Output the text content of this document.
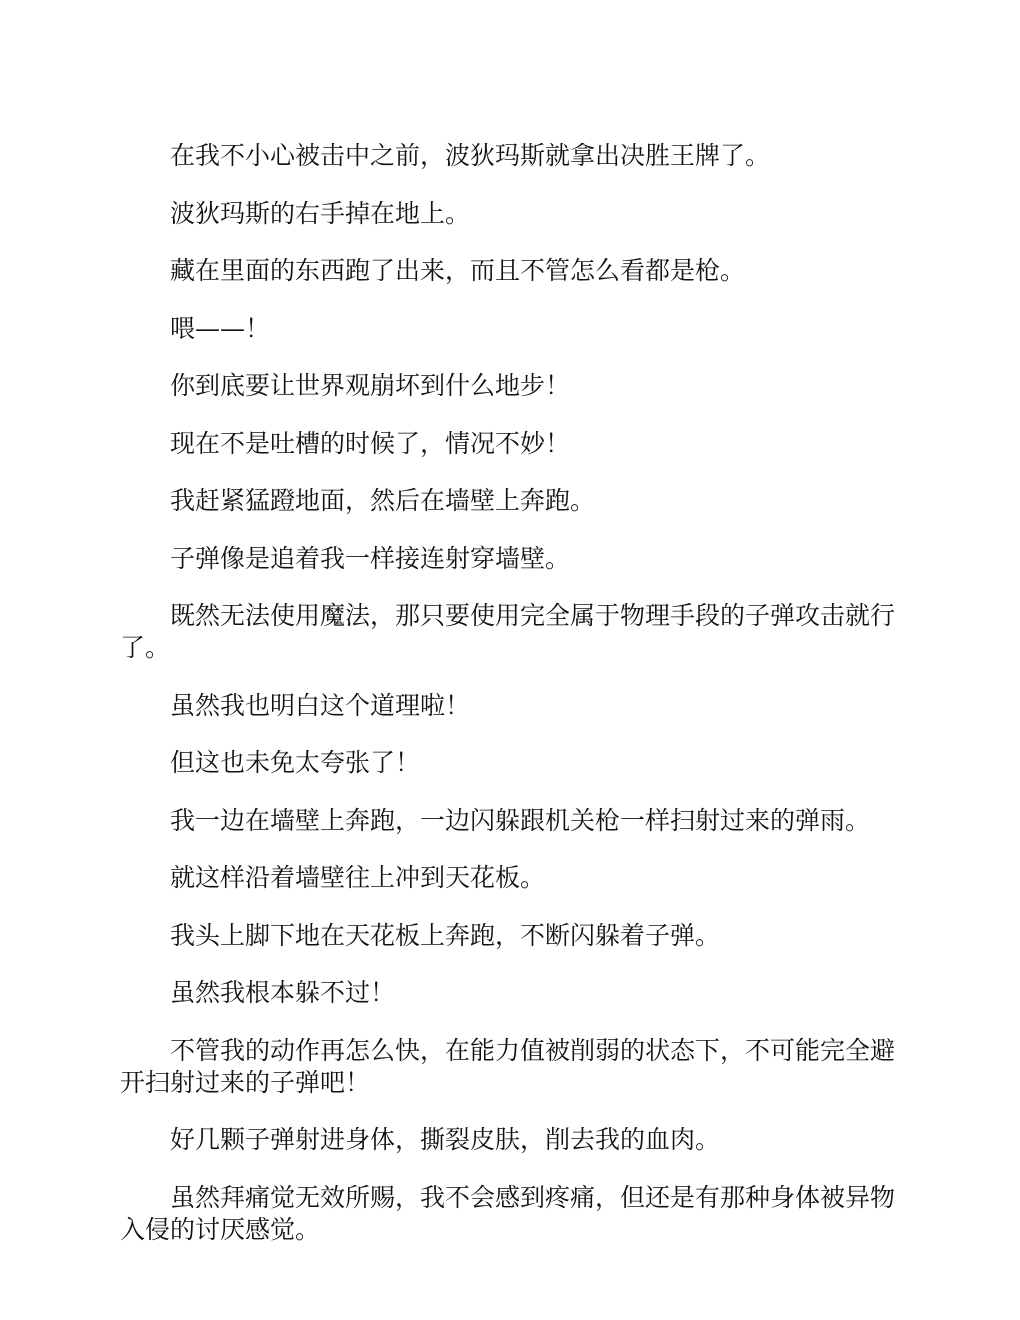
在我不小心被击中之前，波狄玛斯就拿出决胜王牌了。

波狄玛斯的右手掉在地上。

藏在里面的东西跑了出来，而且不管怎么看都是枪。

喂——！

你到底要让世界观崩坏到什么地步！

现在不是吐槽的时候了，情况不妙！

我赶紧猛蹬地面，然后在墙壁上奔跑。

子弹像是追着我一样接连射穿墙壁。

既然无法使用魔法，那只要使用完全属于物理手段的子弹攻击就行了。

虽然我也明白这个道理啦！

但这也未免太夸张了！

我一边在墙壁上奔跑，一边闪躲跟机关枪一样扫射过来的弹雨。

就这样沿着墙壁往上冲到天花板。

我头上脚下地在天花板上奔跑，不断闪躲着子弹。

虽然我根本躲不过！

不管我的动作再怎么快，在能力值被削弱的状态下，不可能完全避开扫射过来的子弹吧！

好几颗子弹射进身体，撕裂皮肤，削去我的血肉。

虽然拜痛觉无效所赐，我不会感到疼痛，但还是有那种身体被异物入侵的讨厌感觉。
